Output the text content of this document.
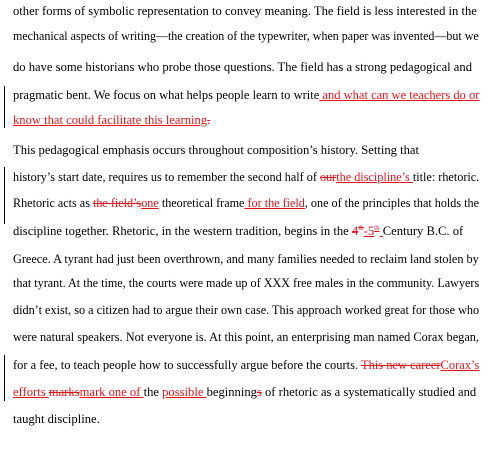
other forms of symbolic representation to convey meaning. The field is less interested in the
mechanical aspects of writing—the creation of the typewriter, when paper was invented—but we
do have some historians who probe those questions. The field has a strong pedagogical and
pragmatic bent. We focus on what helps people learn to write and what can we teachers do or
know that could facilitate this learning.
This pedagogical emphasis occurs throughout composition’s history. Setting that
history’s start date, requires us to remember the second half of ourthe discipline’s title: rhetoric.
Rhetoric acts as the field’sone theoretical frame for the field, one of the principles that holds the
discipline together. Rhetoric, in the western tradition, begins in the 4th-5th Century B.C. of
Greece. A tyrant had just been overthrown, and many families needed to reclaim land stolen by
that tyrant. At the time, the courts were made up of XXX free males in the community. Lawyers
didn’t exist, so a citizen had to argue their own case. This approach worked great for those who
were natural speakers. Not everyone is. At this point, an enterprising man named Corax began,
for a fee, to teach people how to successfully argue before the courts. This new careerCorax’s
efforts marksmark one of the possible beginnings of rhetoric as a systematically studied and
taught discipline.
